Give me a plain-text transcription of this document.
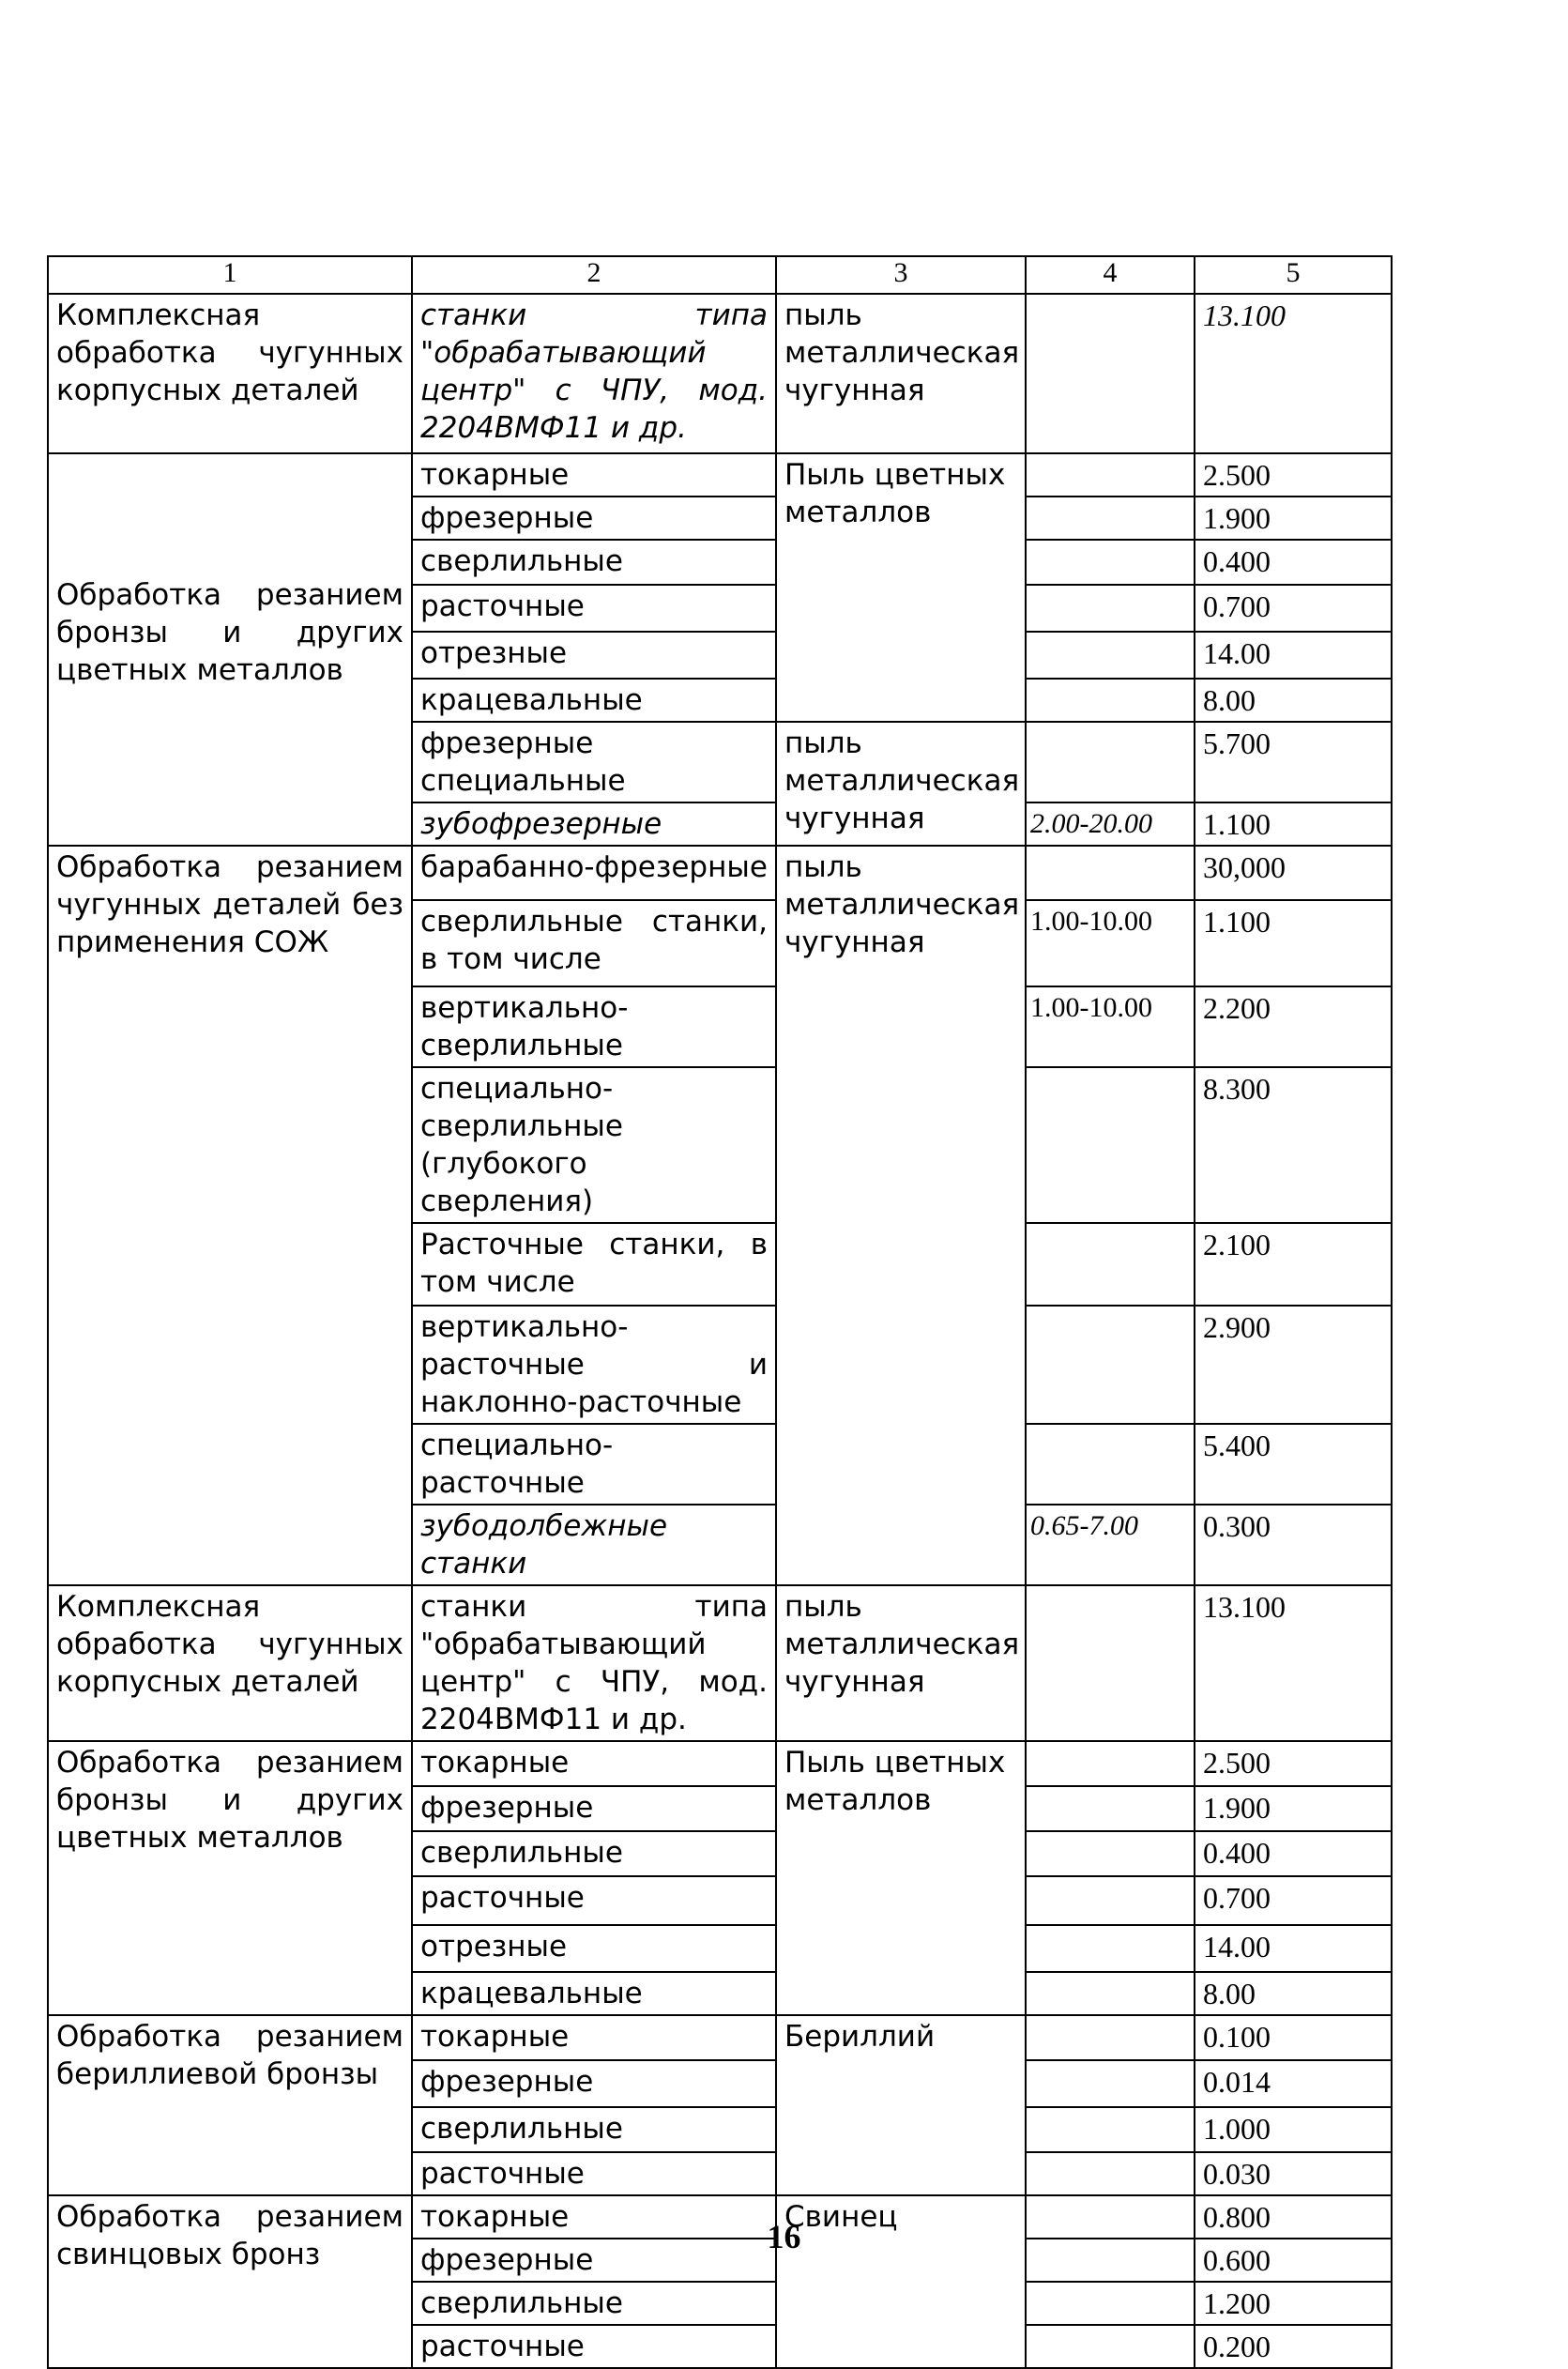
1	2	3	4	5
Комплексная обработка чугунных корпусных деталей	станки типа "обрабатывающий центр" с ЧПУ, мод. 2204ВМФ11 и др.	пыль металлическая чугунная		13.100
Обработка резанием бронзы и других цветных металлов	токарные	Пыль цветных металлов		2.500
	фрезерные			1.900
	сверлильные			0.400
	расточные			0.700
	отрезные			14.00
	крацевальные			8.00
	фрезерные специальные	пыль металлическая чугунная		5.700
	зубофрезерные		2.00-20.00	1.100
Обработка резанием чугунных деталей без применения СОЖ	барабанно-фрезерные	пыль металлическая чугунная		30,000
	сверлильные станки, в том числе		1.00-10.00	1.100
	вертикально-сверлильные		1.00-10.00	2.200
	специально-сверлильные (глубокого сверления)			8.300
	Расточные станки, в том числе			2.100
	вертикально-расточные и наклонно-расточные			2.900
	специально-расточные			5.400
	зубодолбежные станки		0.65-7.00	0.300
Комплексная обработка чугунных корпусных деталей	станки типа "обрабатывающий центр" с ЧПУ, мод. 2204ВМФ11 и др.	пыль металлическая чугунная		13.100
Обработка резанием бронзы и других цветных металлов	токарные	Пыль цветных металлов		2.500
	фрезерные			1.900
	сверлильные			0.400
	расточные			0.700
	отрезные			14.00
	крацевальные			8.00
Обработка резанием бериллиевой бронзы	токарные	Бериллий		0.100
	фрезерные			0.014
	сверлильные			1.000
	расточные			0.030
Обработка резанием свинцовых бронз	токарные	Свинец		0.800
	фрезерные			0.600
	сверлильные			1.200
	расточные			0.200
16
